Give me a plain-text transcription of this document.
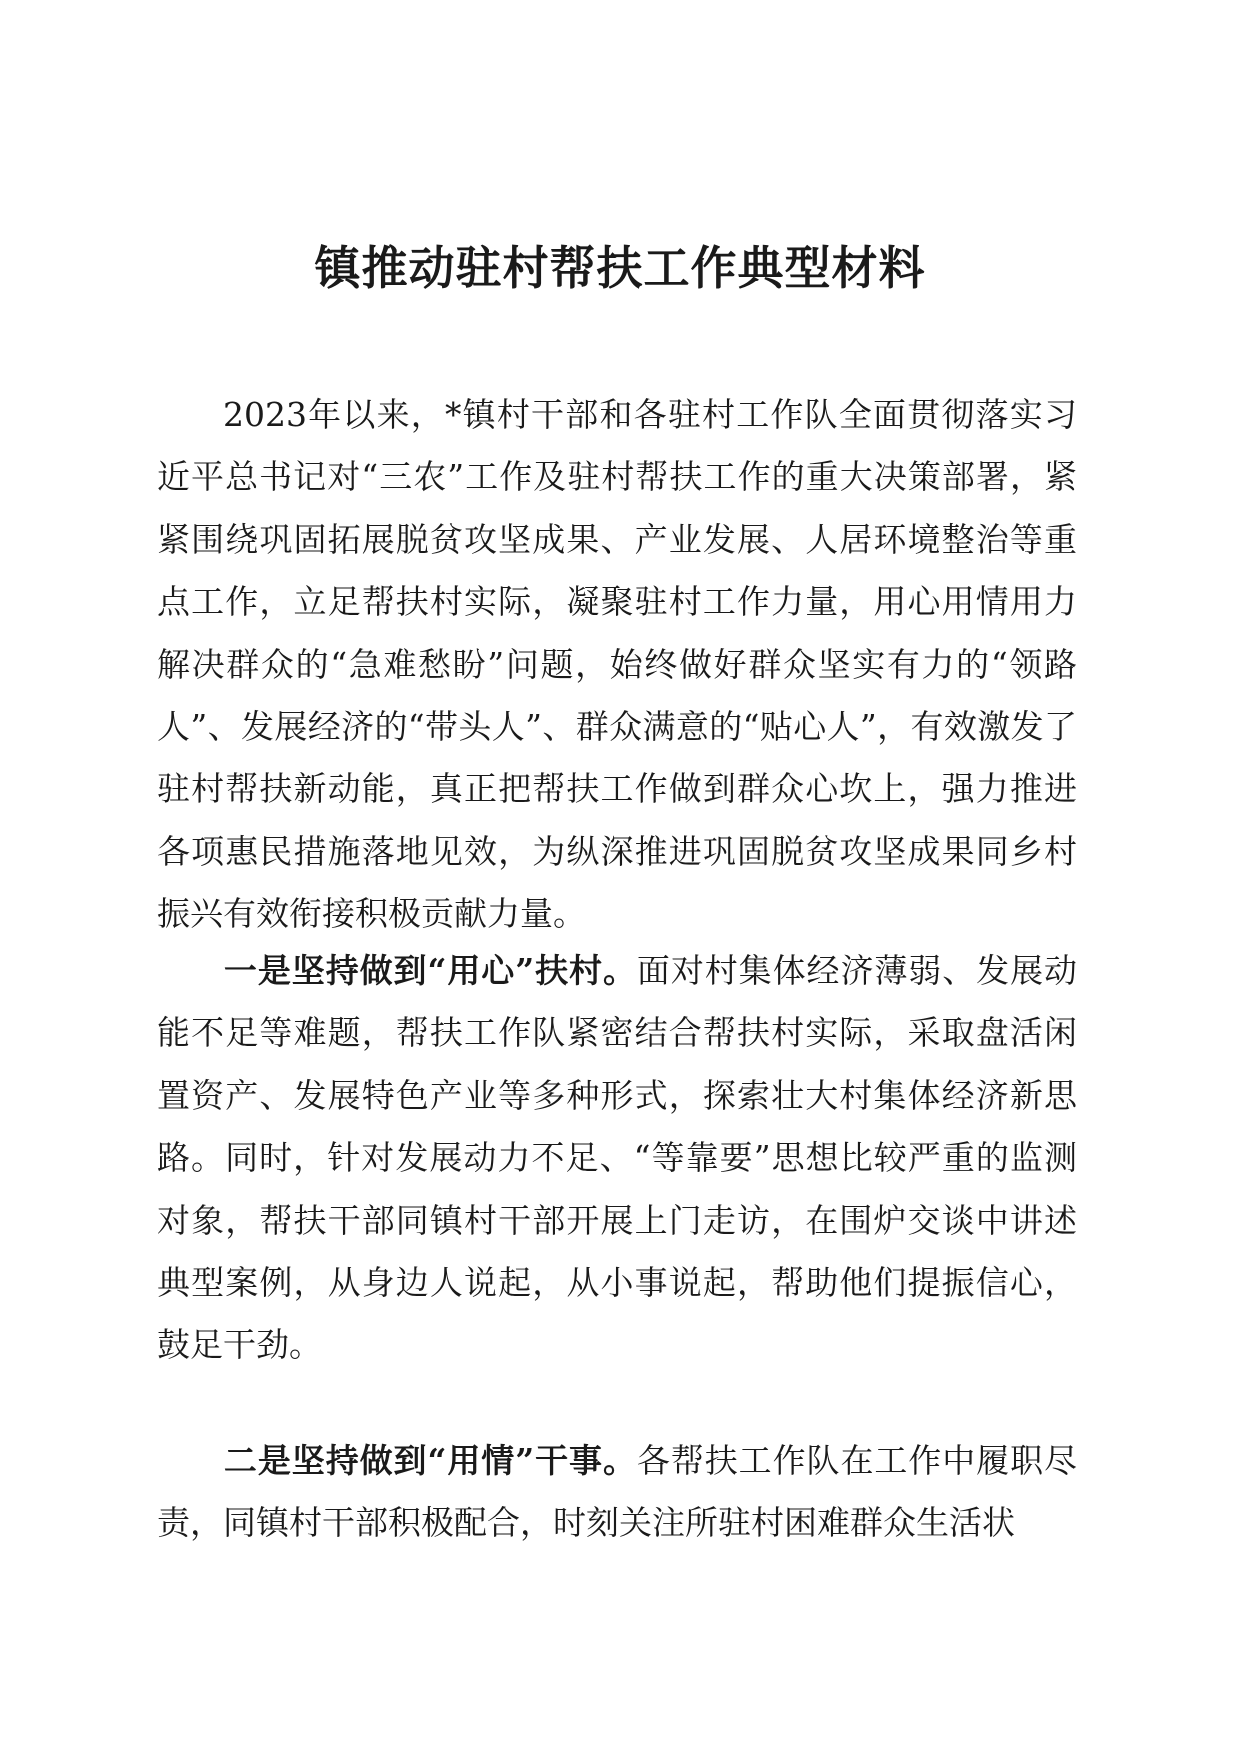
镇推动驻村帮扶工作典型材料

2023年以来，*镇村干部和各驻村工作队全面贯彻落实习近平总书记对“三农”工作及驻村帮扶工作的重大决策部署，紧紧围绕巩固拓展脱贫攻坚成果、产业发展、人居环境整治等重点工作，立足帮扶村实际，凝聚驻村工作力量，用心用情用力解决群众的“急难愁盼”问题，始终做好群众坚实有力的“领路人”、发展经济的“带头人”、群众满意的“贴心人”，有效激发了驻村帮扶新动能，真正把帮扶工作做到群众心坎上，强力推进各项惠民措施落地见效，为纵深推进巩固脱贫攻坚成果同乡村振兴有效衔接积极贡献力量。

一是坚持做到“用心”扶村。面对村集体经济薄弱、发展动能不足等难题，帮扶工作队紧密结合帮扶村实际，采取盘活闲置资产、发展特色产业等多种形式，探索壮大村集体经济新思路。同时，针对发展动力不足、“等靠要”思想比较严重的监测对象，帮扶干部同镇村干部开展上门走访，在围炉交谈中讲述典型案例，从身边人说起，从小事说起，帮助他们提振信心，鼓足干劲。

二是坚持做到“用情”干事。各帮扶工作队在工作中履职尽责，同镇村干部积极配合，时刻关注所驻村困难群众生活状
